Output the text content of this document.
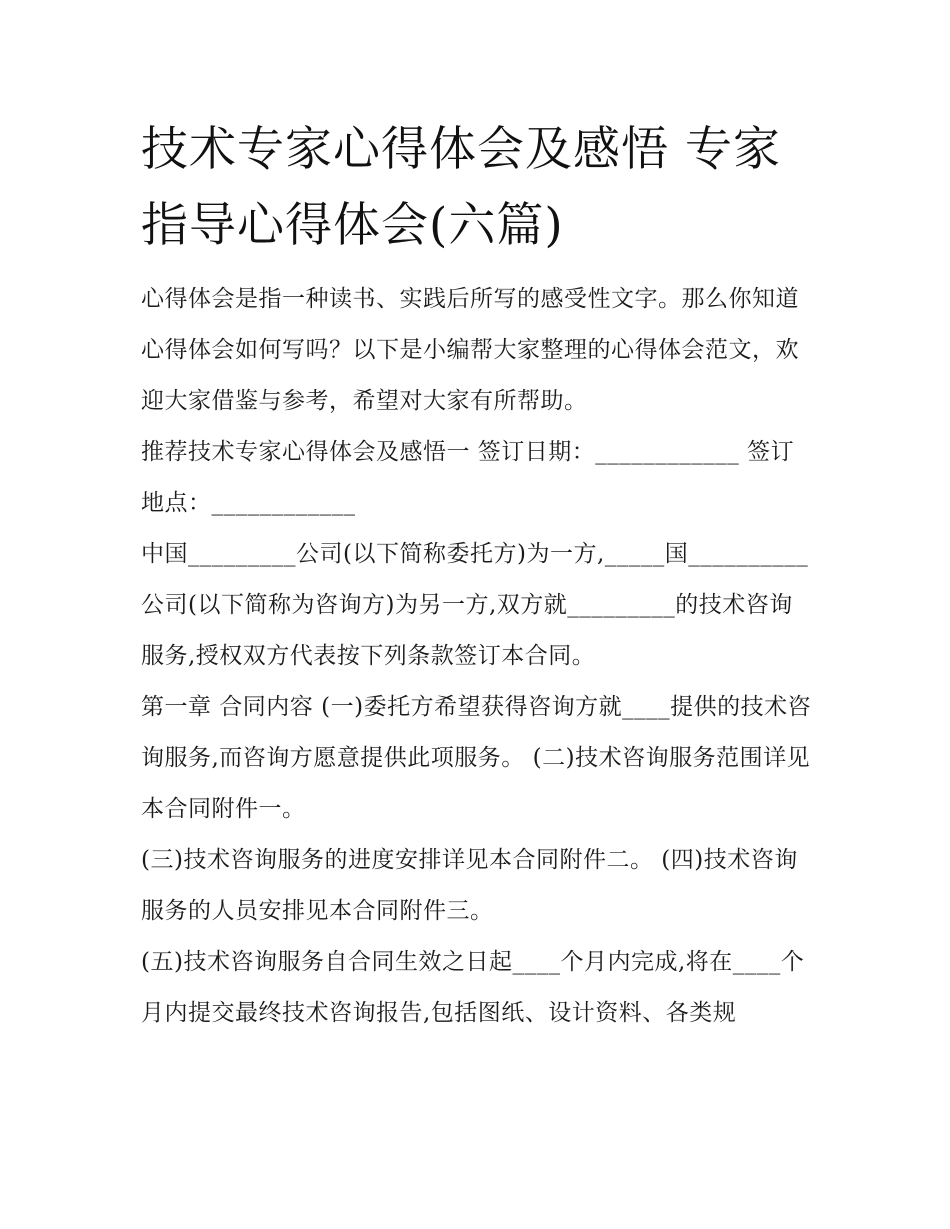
技术专家心得体会及感悟 专家指导心得体会(六篇)

心得体会是指一种读书、实践后所写的感受性文字。那么你知道心得体会如何写吗？以下是小编帮大家整理的心得体会范文，欢迎大家借鉴与参考，希望对大家有所帮助。

推荐技术专家心得体会及感悟一 签订日期：____________ 签订地点：____________

中国_________公司(以下简称委托方)为一方,_____国__________公司(以下简称为咨询方)为另一方,双方就_________的技术咨询服务,授权双方代表按下列条款签订本合同。

第一章 合同内容 (一)委托方希望获得咨询方就____提供的技术咨询服务,而咨询方愿意提供此项服务。 (二)技术咨询服务范围详见本合同附件一。

(三)技术咨询服务的进度安排详见本合同附件二。 (四)技术咨询服务的人员安排见本合同附件三。

(五)技术咨询服务自合同生效之日起____个月内完成,将在____个月内提交最终技术咨询报告,包括图纸、设计资料、各类规
